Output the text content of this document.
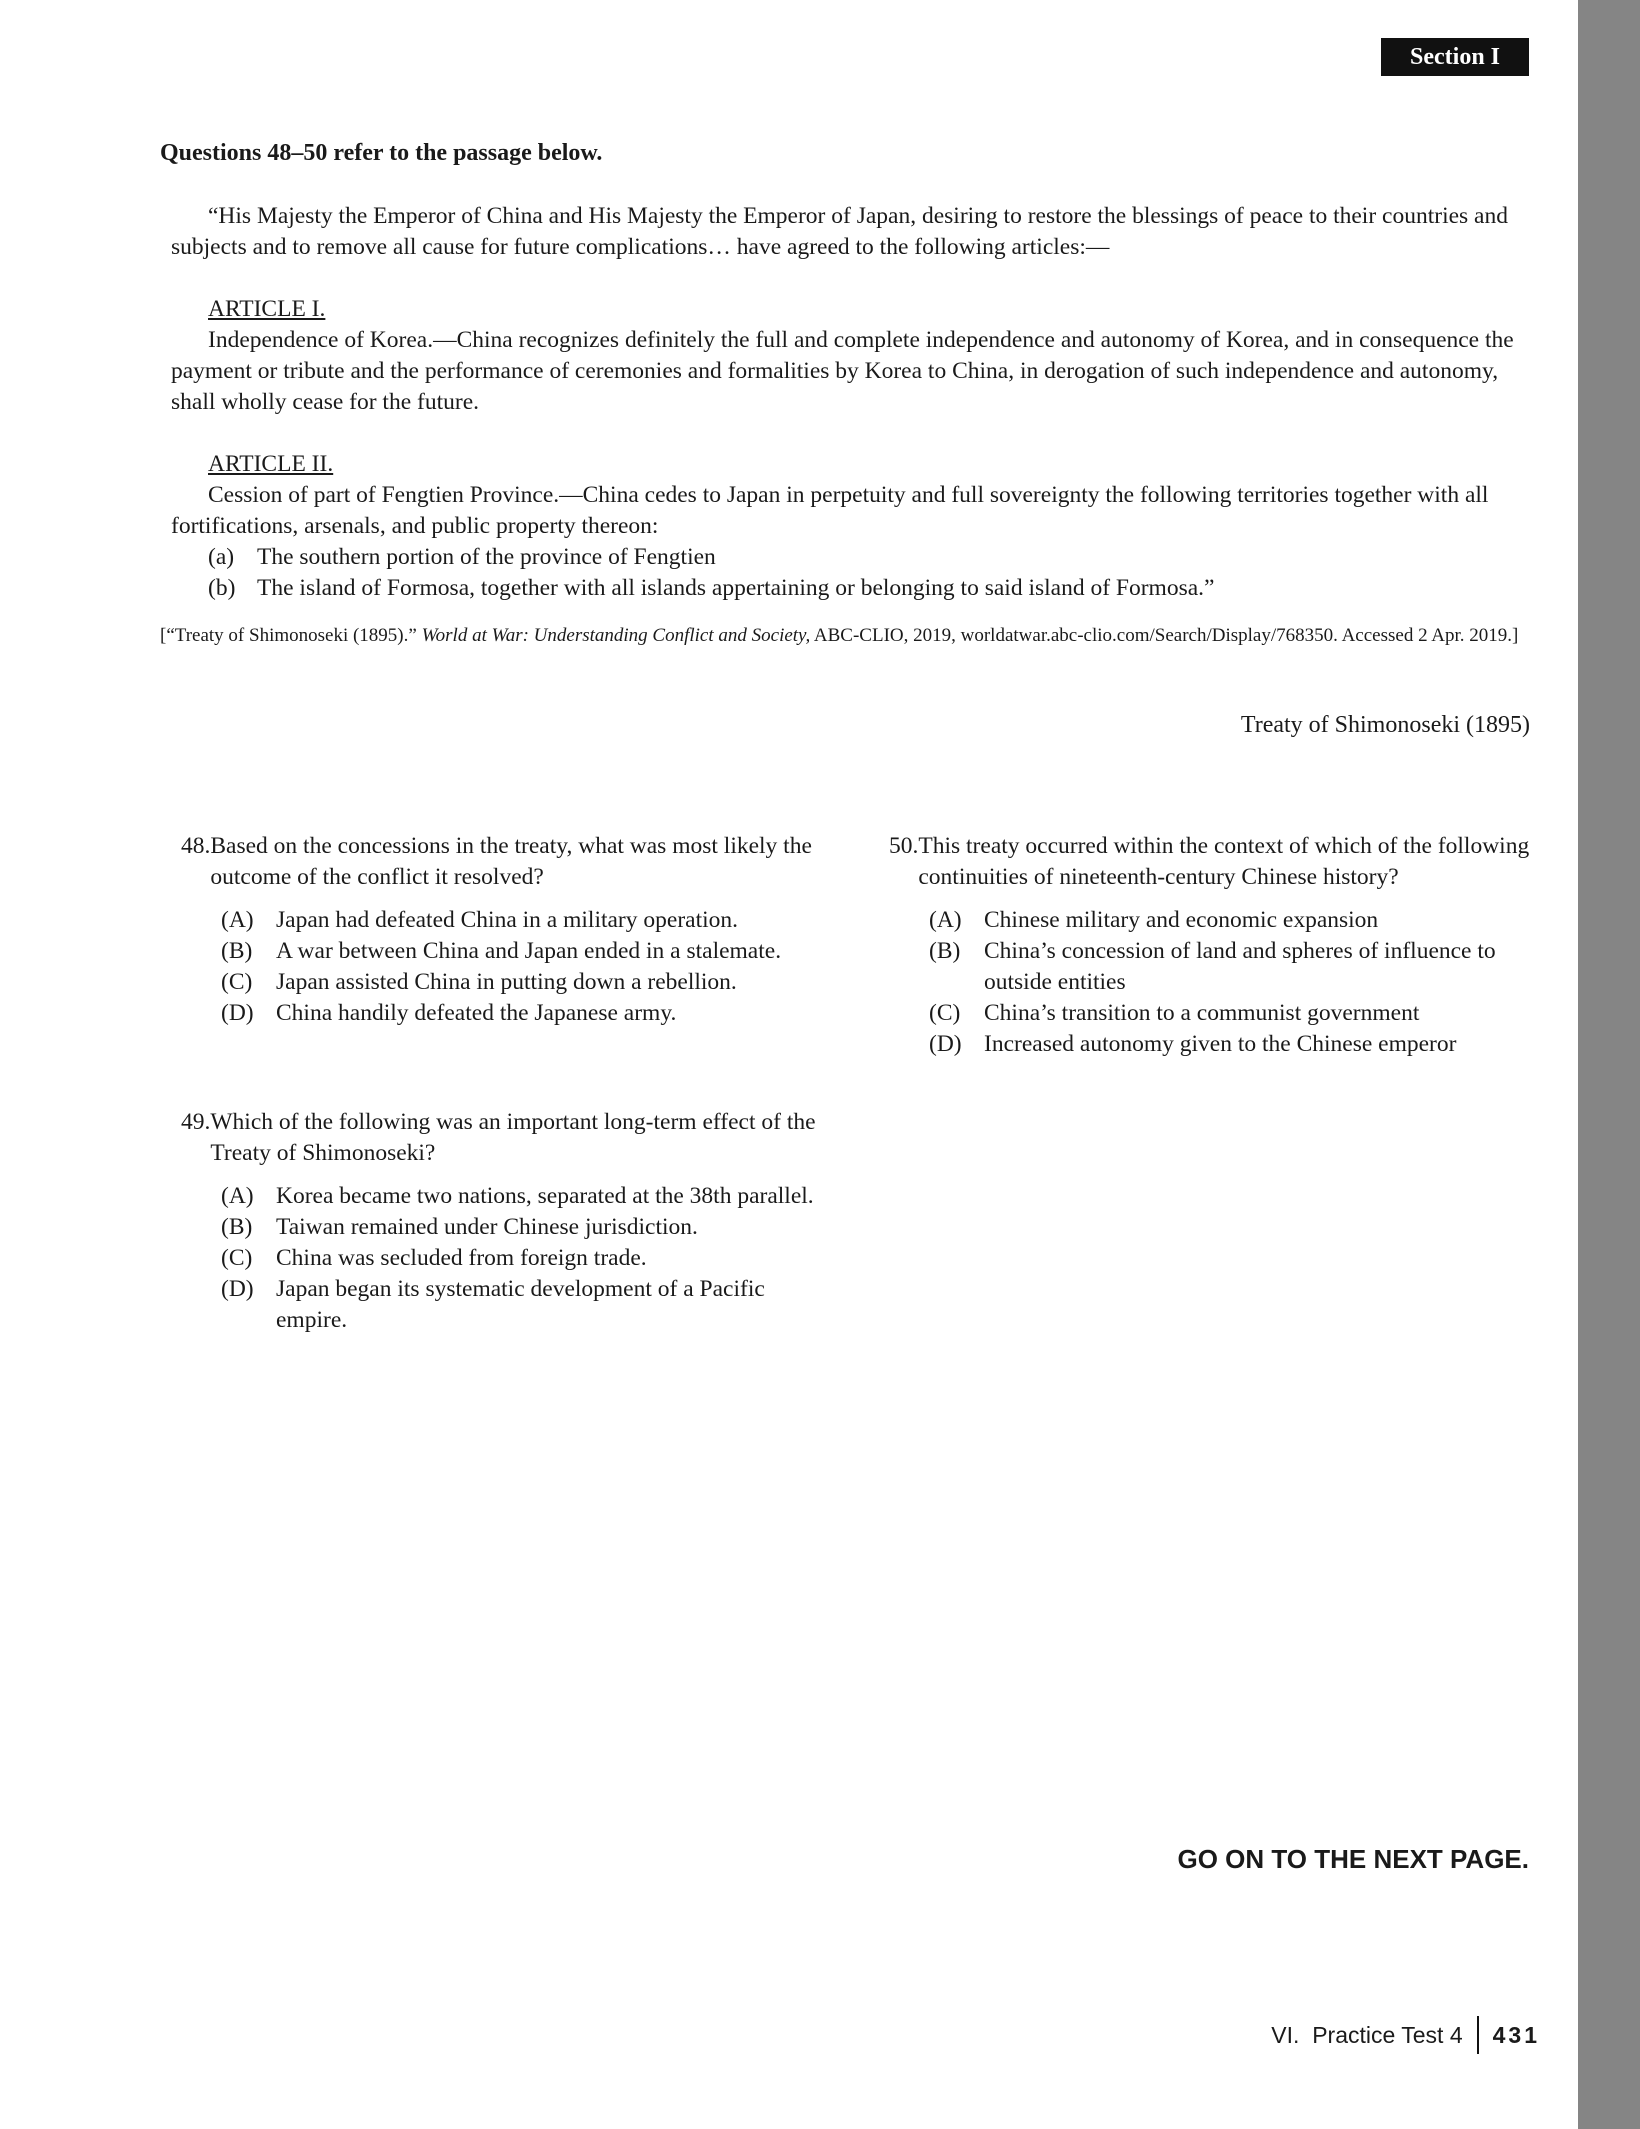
Section I
Questions 48–50 refer to the passage below.

“His Majesty the Emperor of China and His Majesty the Emperor of Japan, desiring to restore the blessings of peace to their countries and subjects and to remove all cause for future complications… have agreed to the following articles:—

ARTICLE I.

Independence of Korea.—China recognizes definitely the full and complete independence and autonomy of Korea, and in consequence the payment or tribute and the performance of ceremonies and formalities by Korea to China, in derogation of such independence and autonomy, shall wholly cease for the future.

ARTICLE II.

Cession of part of Fengtien Province.—China cedes to Japan in perpetuity and full sovereignty the following territories together with all fortifications, arsenals, and public property thereon:

(a) The southern portion of the province of Fengtien
(b) The island of Formosa, together with all islands appertaining or belonging to said island of Formosa.”
[“Treaty of Shimonoseki (1895).” World at War: Understanding Conflict and Society, ABC-CLIO, 2019, worldatwar.abc-clio.com/Search/Display/768350. Accessed 2 Apr. 2019.]
Treaty of Shimonoseki (1895)
48. Based on the concessions in the treaty, what was most likely the outcome of the conflict it resolved?
(A) Japan had defeated China in a military operation.
(B)	A war between China and Japan ended in a stalemate.
(C)	Japan assisted China in putting down a rebellion.
(D) China handily defeated the Japanese army.
49. Which of the following was an important long-term effect of the Treaty of Shimonoseki?
(A) Korea became two nations, separated at the 38th parallel.
(B)	Taiwan remained under Chinese jurisdiction.
(C)	China was secluded from foreign trade.
(D) Japan began its systematic development of a Pacific empire.
50. This treaty occurred within the context of which of the following continuities of nineteenth-century Chinese history?
(A) Chinese military and economic expansion
(B)	China’s concession of land and spheres of influence to outside entities
(C)	China’s transition to a communist government
(D) Increased autonomy given to the Chinese emperor
GO ON TO THE NEXT PAGE.
VI.  Practice Test 4 431
